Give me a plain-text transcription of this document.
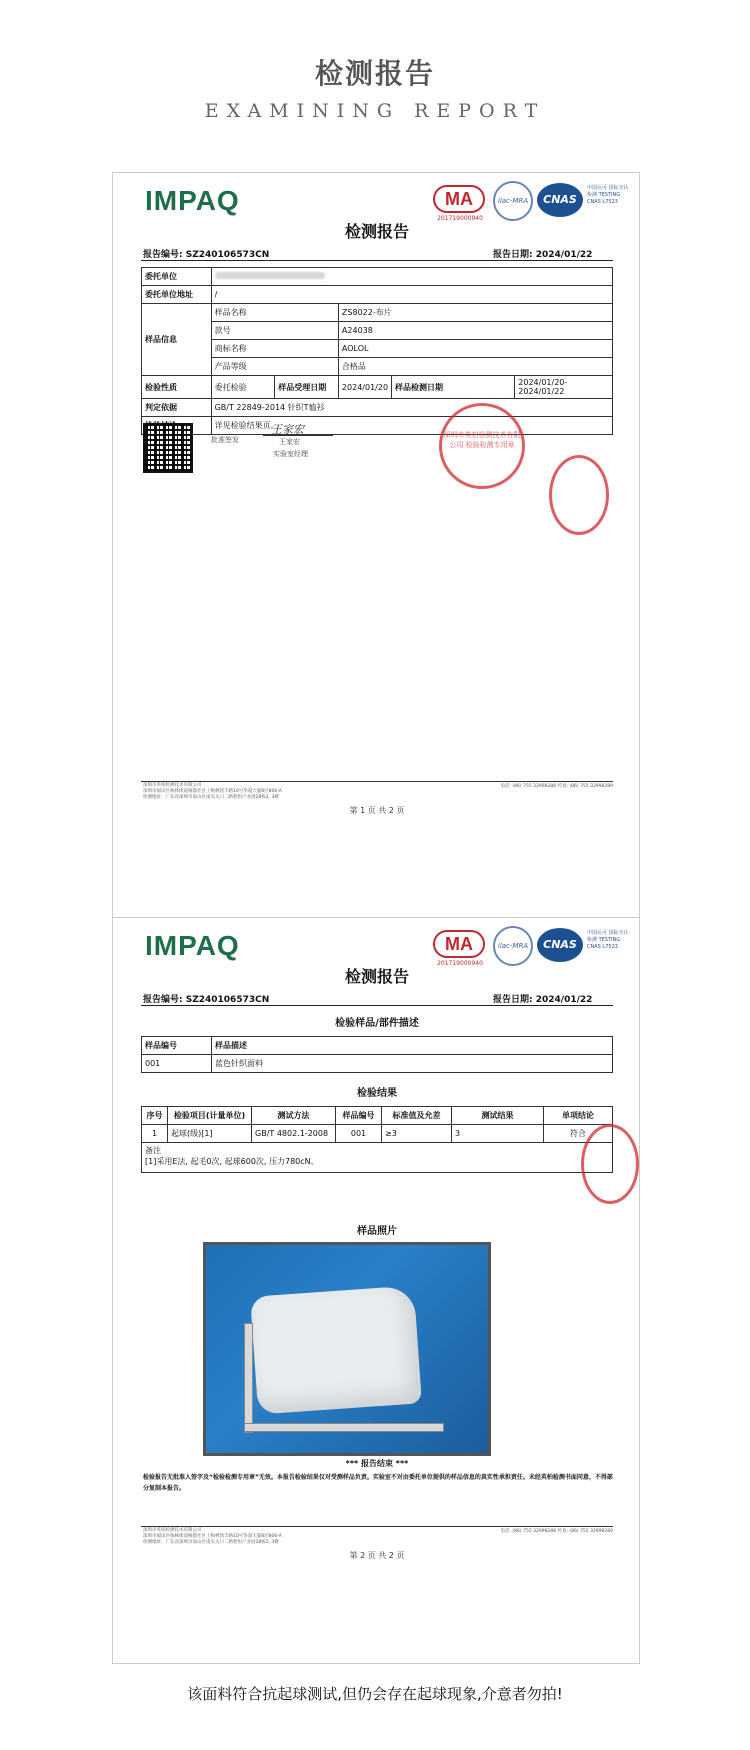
检测报告
EXAMINING REPORT
IMPAQ	MA
201719000940
ilac-MRA	CNAS
中国认可 国际互认 检测 TESTING CNAS L7523
检测报告
报告编号: SZ240106573CN	报告日期: 2024/01/22
委托单位					
委托单位地址	/				
样品信息	样品名称		ZS8022-布片		
	款号		A24038		
	商标名称		AOLOL		
	产品等级		合格品		
检验性质	委托检验	样品受理日期	2024/01/20	样品检测日期	2024/01/20-2024/01/22
判定依据	GB/T 22849-2014 针织T恤衫				
	详见检验结果页。				
批准签发
王家宏
王家宏
实验室经理
深圳市英柏检测技术有限公司 检验检测专用章
深圳市英柏检测技术有限公司
深圳市福田区梅林街道梅都社区上梅林凯丰路10号华超大厦8层806-A
检测地址：广东省深圳市南山区南头关口二路智恒产业园28栋2, 3楼
电话: (86) 755 32998288 传真: (86) 755 32998289
第 1 页 共 2 页
IMPAQ	MA
201719000940
ilac-MRA	CNAS
中国认可 国际互认 检测 TESTING CNAS L7523
检测报告
报告编号: SZ240106573CN	报告日期: 2024/01/22
检验样品/部件描述
样品编号	样品描述
001	蓝色针织面料
检验结果
序号	检验项目(计量单位)	测试方法	样品编号	标准值及允差	测试结果	单项结论
1	起球(级)[1]	GB/T 4802.1-2008	001	≥3	3	符合

备注
[1]采用E法, 起毛0次, 起球600次, 压力780cN。						
样品照片
*** 报告结束 ***
检验报告无批准人签字及“检验检测专用章”无效。本报告检验结果仅对受测样品负责。实验室不对由委托单位提供的样品信息的真实性承担责任。未经英柏检测书面同意，不得部分复制本报告。
深圳市英柏检测技术有限公司
深圳市福田区梅林街道梅都社区上梅林凯丰路10号华超大厦8层806-A
检测地址：广东省深圳市南山区南头关口二路智恒产业园28栋2, 3楼
电话: (86) 755 32998288 传真: (86) 755 32998289
第 2 页 共 2 页
该面料符合抗起球测试,但仍会存在起球现象,介意者勿拍!
